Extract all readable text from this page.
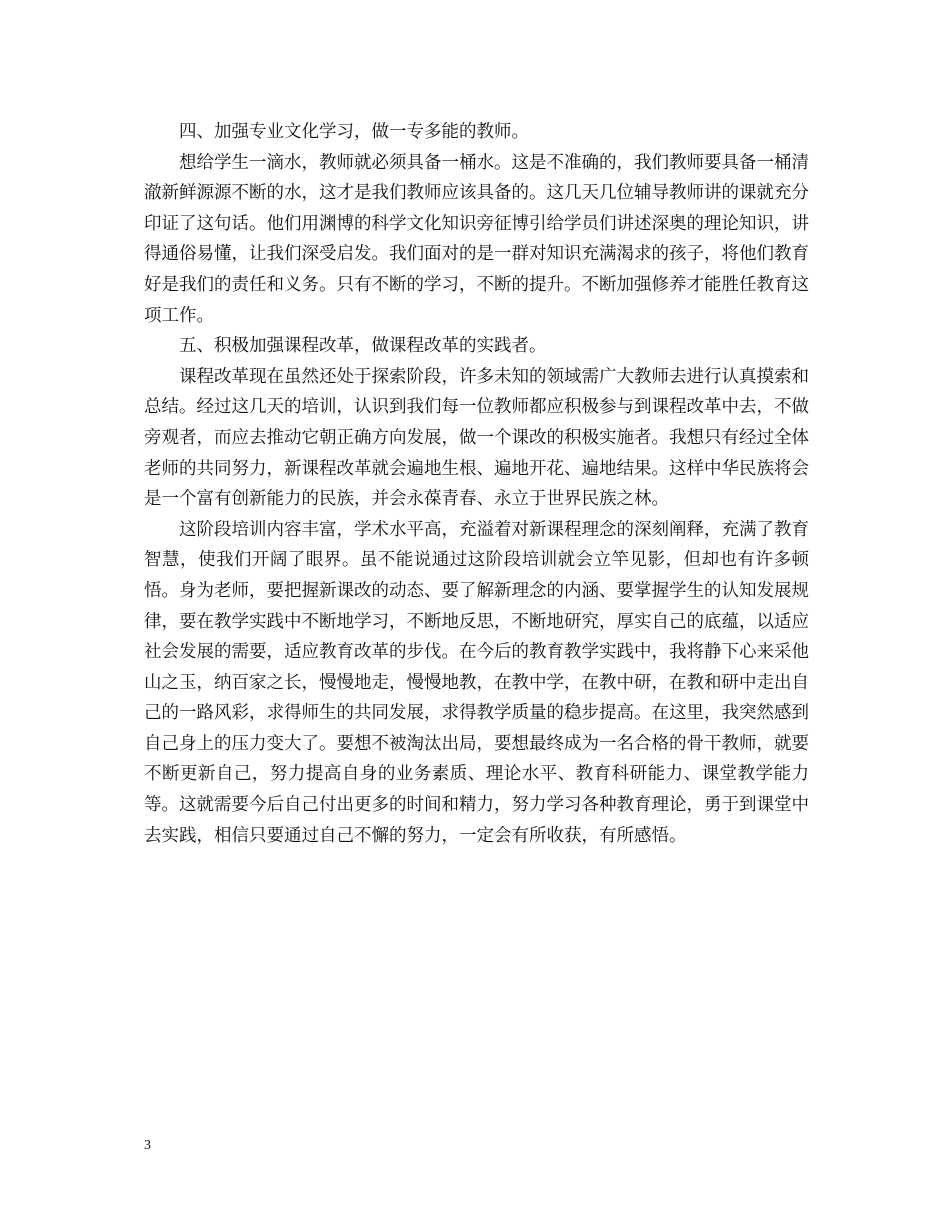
四、加强专业文化学习，做一专多能的教师。

想给学生一滴水，教师就必须具备一桶水。这是不准确的，我们教师要具备一桶清澈新鲜源源不断的水，这才是我们教师应该具备的。这几天几位辅导教师讲的课就充分印证了这句话。他们用渊博的科学文化知识旁征博引给学员们讲述深奥的理论知识，讲得通俗易懂，让我们深受启发。我们面对的是一群对知识充满渴求的孩子，将他们教育好是我们的责任和义务。只有不断的学习，不断的提升。不断加强修养才能胜任教育这项工作。

五、积极加强课程改革，做课程改革的实践者。

课程改革现在虽然还处于探索阶段，许多未知的领域需广大教师去进行认真摸索和总结。经过这几天的培训，认识到我们每一位教师都应积极参与到课程改革中去，不做旁观者，而应去推动它朝正确方向发展，做一个课改的积极实施者。我想只有经过全体老师的共同努力，新课程改革就会遍地生根、遍地开花、遍地结果。这样中华民族将会是一个富有创新能力的民族，并会永葆青春、永立于世界民族之林。

这阶段培训内容丰富，学术水平高，充溢着对新课程理念的深刻阐释，充满了教育智慧，使我们开阔了眼界。虽不能说通过这阶段培训就会立竿见影，但却也有许多顿悟。身为老师，要把握新课改的动态、要了解新理念的内涵、要掌握学生的认知发展规律，要在教学实践中不断地学习，不断地反思，不断地研究，厚实自己的底蕴，以适应社会发展的需要，适应教育改革的步伐。在今后的教育教学实践中，我将静下心来采他山之玉，纳百家之长，慢慢地走，慢慢地教，在教中学，在教中研，在教和研中走出自己的一路风彩，求得师生的共同发展，求得教学质量的稳步提高。在这里，我突然感到自己身上的压力变大了。要想不被淘汰出局，要想最终成为一名合格的骨干教师，就要不断更新自己，努力提高自身的业务素质、理论水平、教育科研能力、课堂教学能力等。这就需要今后自己付出更多的时间和精力，努力学习各种教育理论，勇于到课堂中去实践，相信只要通过自己不懈的努力，一定会有所收获，有所感悟。

3
